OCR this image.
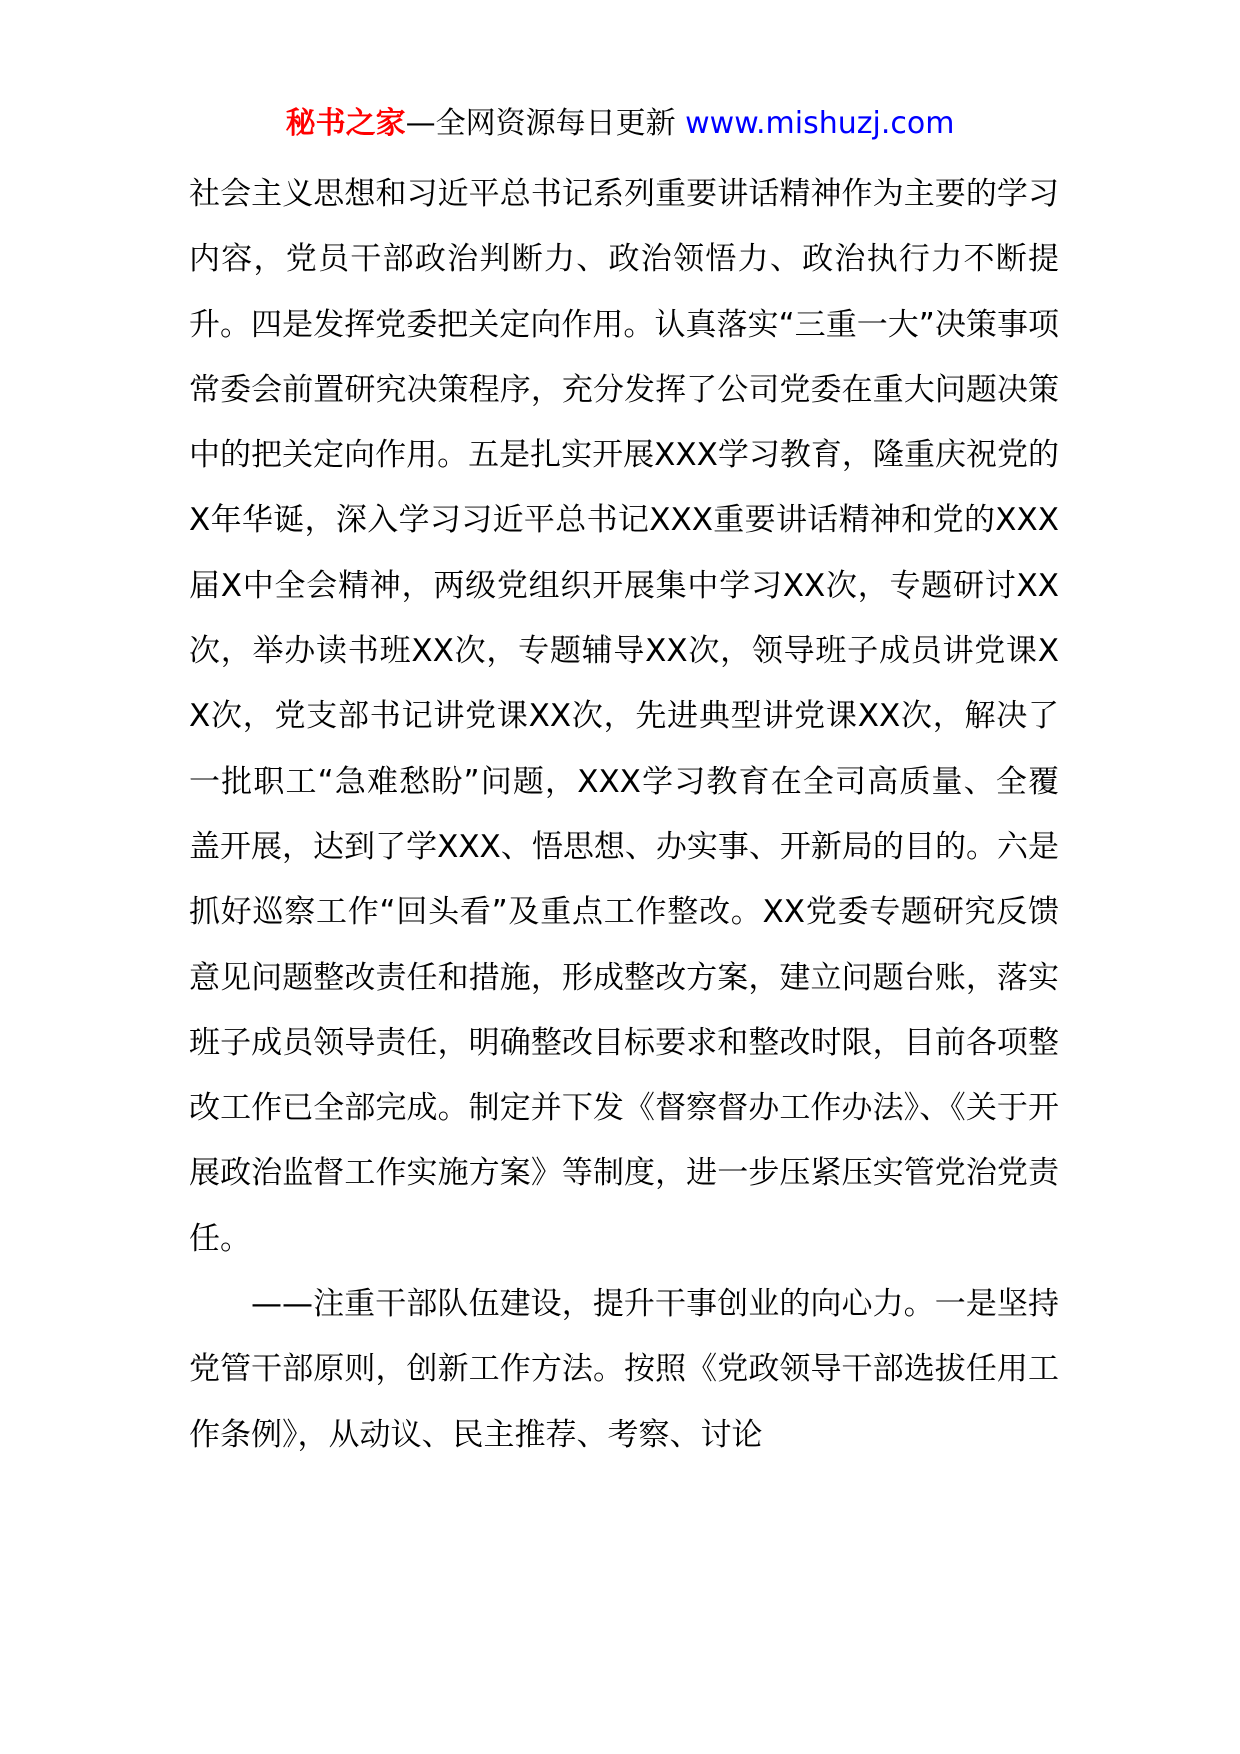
秘书之家—全网资源每日更新 www.mishuzj.com

社会主义思想和习近平总书记系列重要讲话精神作为主要的学习内容，党员干部政治判断力、政治领悟力、政治执行力不断提升。四是发挥党委把关定向作用。认真落实“三重一大”决策事项常委会前置研究决策程序，充分发挥了公司党委在重大问题决策中的把关定向作用。五是扎实开展XXX学习教育，隆重庆祝党的X年华诞，深入学习习近平总书记XXX重要讲话精神和党的XXX届X中全会精神，两级党组织开展集中学习XX次，专题研讨XX次，举办读书班XX次，专题辅导XX次，领导班子成员讲党课XX次，党支部书记讲党课XX次，先进典型讲党课XX次，解决了一批职工“急难愁盼”问题，XXX学习教育在全司高质量、全覆盖开展，达到了学XXX、悟思想、办实事、开新局的目的。六是抓好巡察工作“回头看”及重点工作整改。XX党委专题研究反馈意见问题整改责任和措施，形成整改方案，建立问题台账，落实班子成员领导责任，明确整改目标要求和整改时限，目前各项整改工作已全部完成。制定并下发《督察督办工作办法》、《关于开展政治监督工作实施方案》等制度，进一步压紧压实管党治党责任。

——注重干部队伍建设，提升干事创业的向心力。一是坚持党管干部原则，创新工作方法。按照《党政领导干部选拔任用工作条例》，从动议、民主推荐、考察、讨论
